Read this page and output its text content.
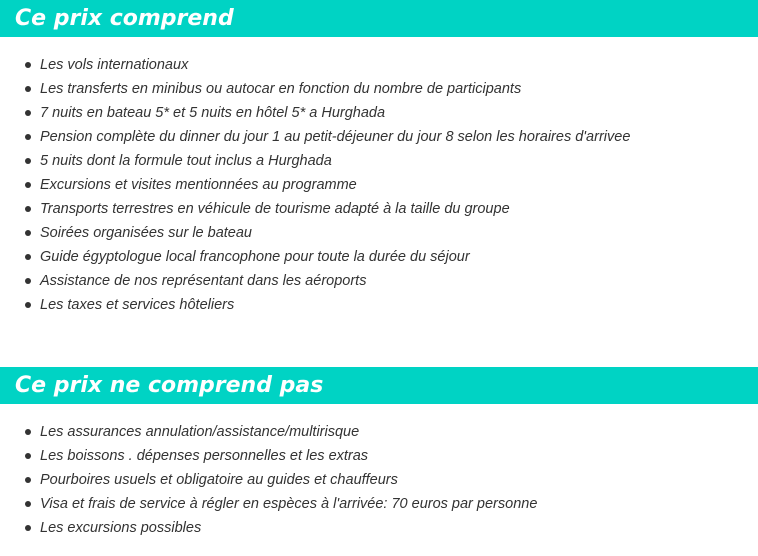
Ce prix comprend
Les vols internationaux
Les transferts en minibus ou autocar en fonction du nombre de participants
7 nuits en bateau 5* et 5 nuits en hôtel 5* a Hurghada
Pension complète du dinner du jour 1 au petit-déjeuner du jour 8 selon les horaires d'arrivee
5 nuits dont la formule tout inclus a Hurghada
Excursions et visites mentionnées au programme
Transports terrestres en véhicule de tourisme adapté à la taille du groupe
Soirées organisées sur le bateau
Guide égyptologue local francophone pour toute la durée du séjour
Assistance de nos représentant dans les aéroports
Les taxes et services hôteliers
Ce prix ne comprend pas
Les assurances annulation/assistance/multirisque
Les boissons . dépenses personnelles et les extras
Pourboires usuels et obligatoire au guides et chauffeurs
Visa et frais de service à régler en espèces à l'arrivée: 70 euros par personne
Les excursions possibles
